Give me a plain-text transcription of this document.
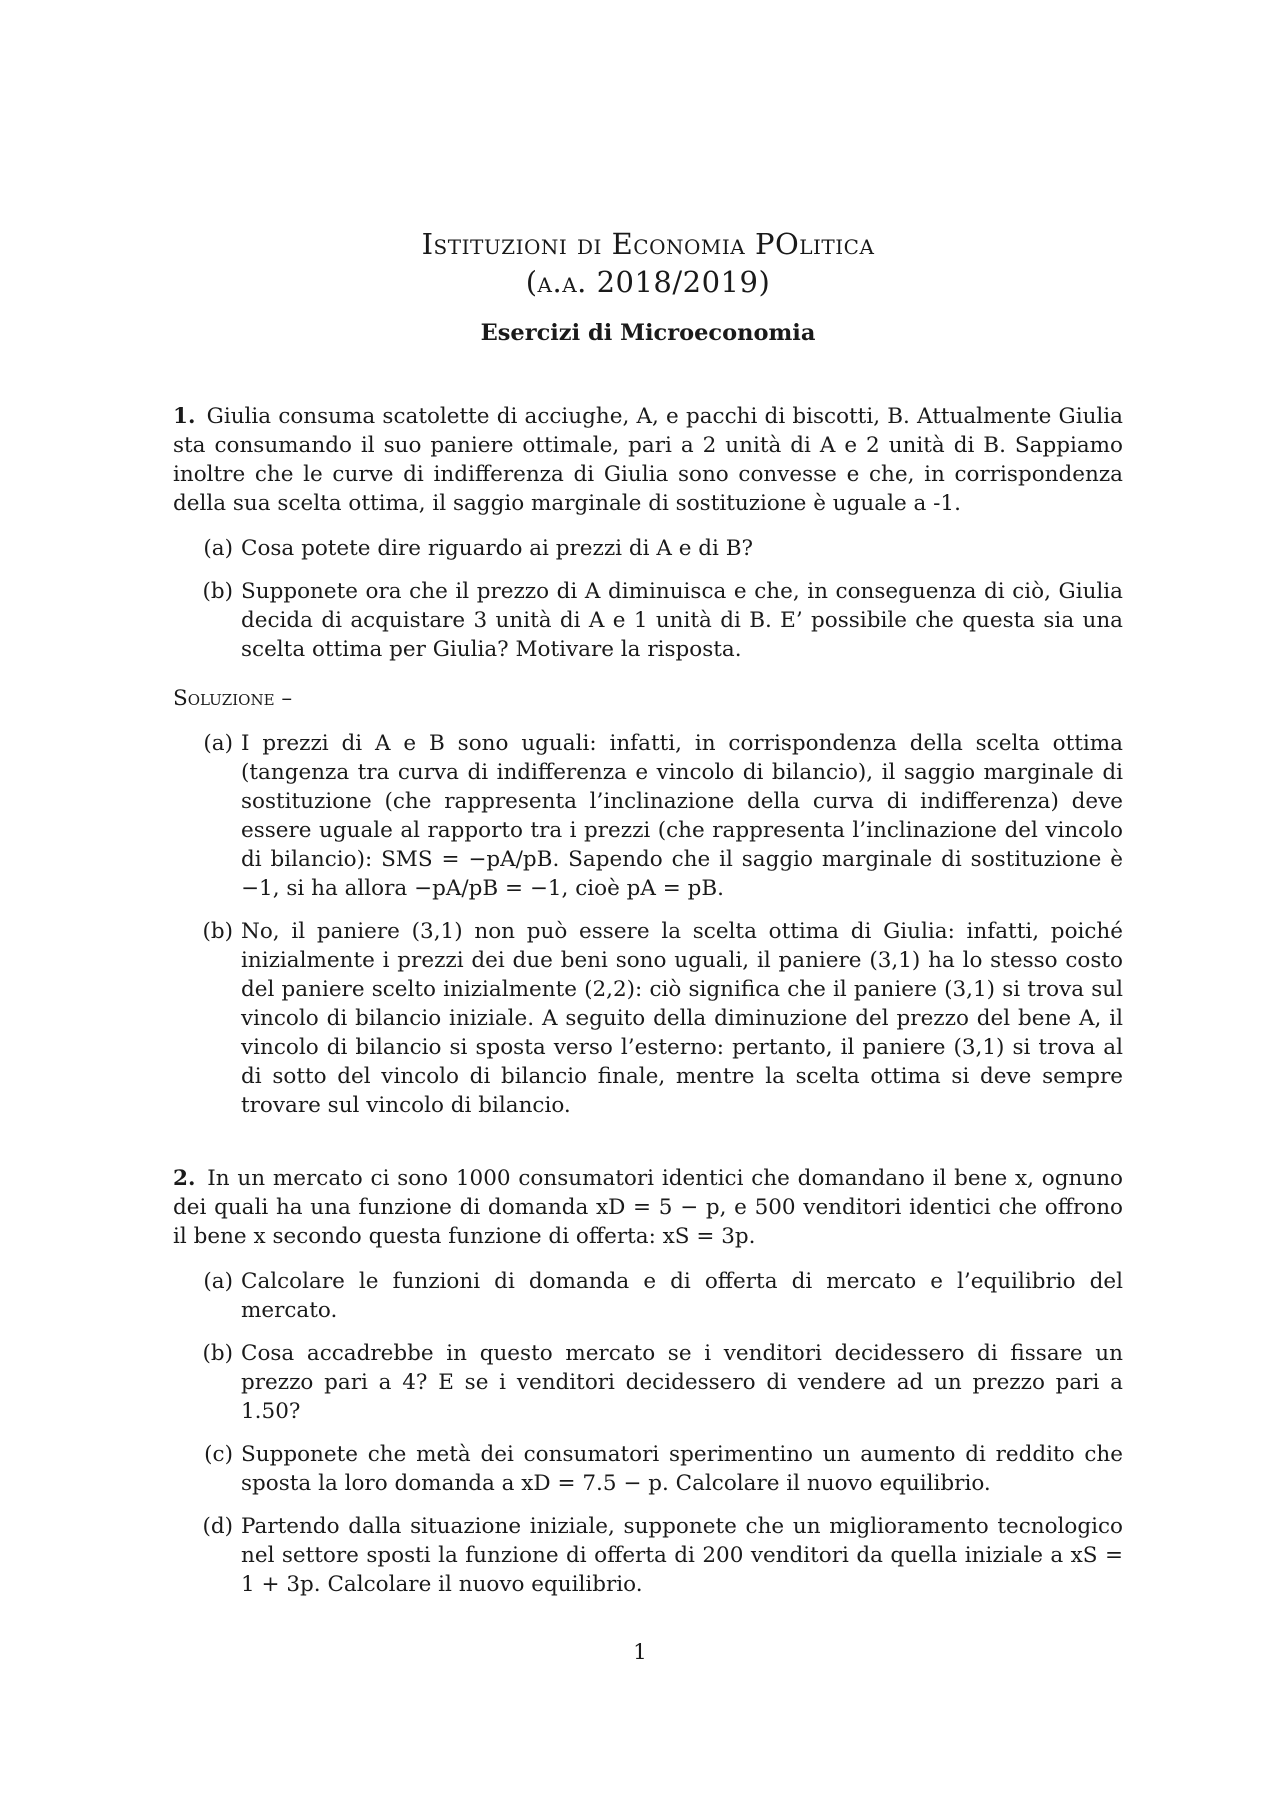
Istituzioni di Economia POlitica
(a.a. 2018/2019)
Esercizi di Microeconomia

1. Giulia consuma scatolette di acciughe, A, e pacchi di biscotti, B. Attualmente Giulia sta consumando il suo paniere ottimale, pari a 2 unità di A e 2 unità di B. Sappiamo inoltre che le curve di indifferenza di Giulia sono convesse e che, in corrispondenza della sua scelta ottima, il saggio marginale di sostituzione è uguale a -1.

(a) Cosa potete dire riguardo ai prezzi di A e di B?
(b) Supponete ora che il prezzo di A diminuisca e che, in conseguenza di ciò, Giulia decida di acquistare 3 unità di A e 1 unità di B. E’ possibile che questa sia una scelta ottima per Giulia? Motivare la risposta.
Soluzione –
(a) I prezzi di A e B sono uguali: infatti, in corrispondenza della scelta ottima (tangenza tra curva di indifferenza e vincolo di bilancio), il saggio marginale di sostituzione (che rappresenta l’inclinazione della curva di indifferenza) deve essere uguale al rapporto tra i prezzi (che rappresenta l’inclinazione del vincolo di bilancio): SMS = −pA/pB. Sapendo che il saggio marginale di sostituzione è −1, si ha allora −pA/pB = −1, cioè pA = pB.
(b) No, il paniere (3,1) non può essere la scelta ottima di Giulia: infatti, poiché inizialmente i prezzi dei due beni sono uguali, il paniere (3,1) ha lo stesso costo del paniere scelto inizialmente (2,2): ciò significa che il paniere (3,1) si trova sul vincolo di bilancio iniziale. A seguito della diminuzione del prezzo del bene A, il vincolo di bilancio si sposta verso l’esterno: pertanto, il paniere (3,1) si trova al di sotto del vincolo di bilancio finale, mentre la scelta ottima si deve sempre trovare sul vincolo di bilancio.

2. In un mercato ci sono 1000 consumatori identici che domandano il bene x, ognuno dei quali ha una funzione di domanda xD = 5 − p, e 500 venditori identici che offrono il bene x secondo questa funzione di offerta: xS = 3p.

(a) Calcolare le funzioni di domanda e di offerta di mercato e l’equilibrio del mercato.
(b) Cosa accadrebbe in questo mercato se i venditori decidessero di fissare un prezzo pari a 4? E se i venditori decidessero di vendere ad un prezzo pari a 1.50?
(c) Supponete che metà dei consumatori sperimentino un aumento di reddito che sposta la loro domanda a xD = 7.5 − p. Calcolare il nuovo equilibrio.
(d) Partendo dalla situazione iniziale, supponete che un miglioramento tecnologico nel settore sposti la funzione di offerta di 200 venditori da quella iniziale a xS = 1 + 3p. Calcolare il nuovo equilibrio.
1
